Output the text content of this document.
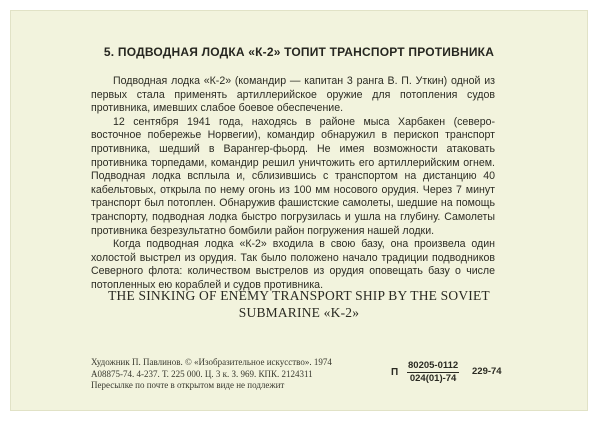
5. ПОДВОДНАЯ ЛОДКА «К-2» ТОПИТ ТРАНСПОРТ ПРОТИВНИКА

Подводная лодка «К-2» (командир — капитан 3 ранга В. П. Уткин) одной из первых стала применять артиллерийское оружие для потопления судов противника, имевших слабое боевое обеспечение.

12 сентября 1941 года, находясь в районе мыса Харбакен (северо-восточное побережье Норвегии), командир обнаружил в перископ транспорт противника, шедший в Варангер-фьорд. Не имея возможности атаковать противника торпедами, командир решил уничтожить его артиллерийским огнем. Подводная лодка всплыла и, сблизившись с транспортом на дистанцию 40 кабельтовых, открыла по нему огонь из 100 мм носового орудия. Через 7 минут транспорт был потоплен. Обнаружив фашистские самолеты, шедшие на помощь транспорту, подводная лодка быстро погрузилась и ушла на глубину. Самолеты противника безрезультатно бомбили район погружения нашей лодки.

Когда подводная лодка «К-2» входила в свою базу, она произвела один холостой выстрел из орудия. Так было положено начало традиции подводников Северного флота: количеством выстрелов из орудия оповещать базу о числе потопленных ею кораблей и судов противника.

THE SINKING OF ENEMY TRANSPORT SHIP BY THE SOVIET
SUBMARINE «K-2»
Художник П. Павлинов. © «Изобразительное искусство». 1974
А08875-74. 4-237. Т. 225 000. Ц. 3 к. З. 969. КПК. 2124311
Пересылке по почте в открытом виде не подлежит
П $\frac{80205-0112}{024(01)-74} 229-74$
